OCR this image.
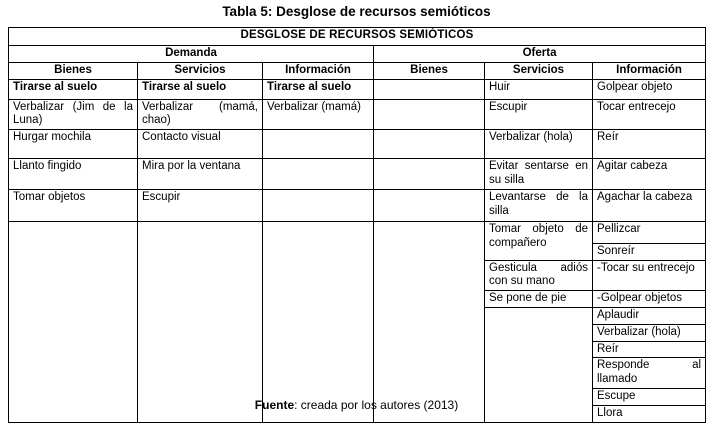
Tabla 5: Desglose de recursos semióticos
DESGLOSE DE RECURSOS SEMIÓTICOS					
Demanda			Oferta		
Bienes	Servicios	Información	Bienes	Servicios	Información
Tirarse al suelo	Tirarse al suelo	Tirarse al suelo		Huir	Golpear objeto
Verbalizar (Jim de la Luna)	Verbalizar (mamá, chao)	Verbalizar (mamá)		Escupir	Tocar entrecejo
Hurgar mochila	Contacto visual			Verbalizar (hola)	Reír
Llanto fingido	Mira por la ventana			Evitar sentarse en su silla	Agitar cabeza
Tomar objetos	Escupir			Levantarse de la silla	Agachar la cabeza
				Tomar objeto de compañero	Pellizcar
					Sonreír
				Gesticula adiós con su mano	-Tocar su entrecejo
				Se pone de pie	-Golpear objetos
					Aplaudir
					Verbalizar (hola)
					Reír
					Responde al llamado
					Escupe
					Llora
Fuente: creada por los autores (2013)
